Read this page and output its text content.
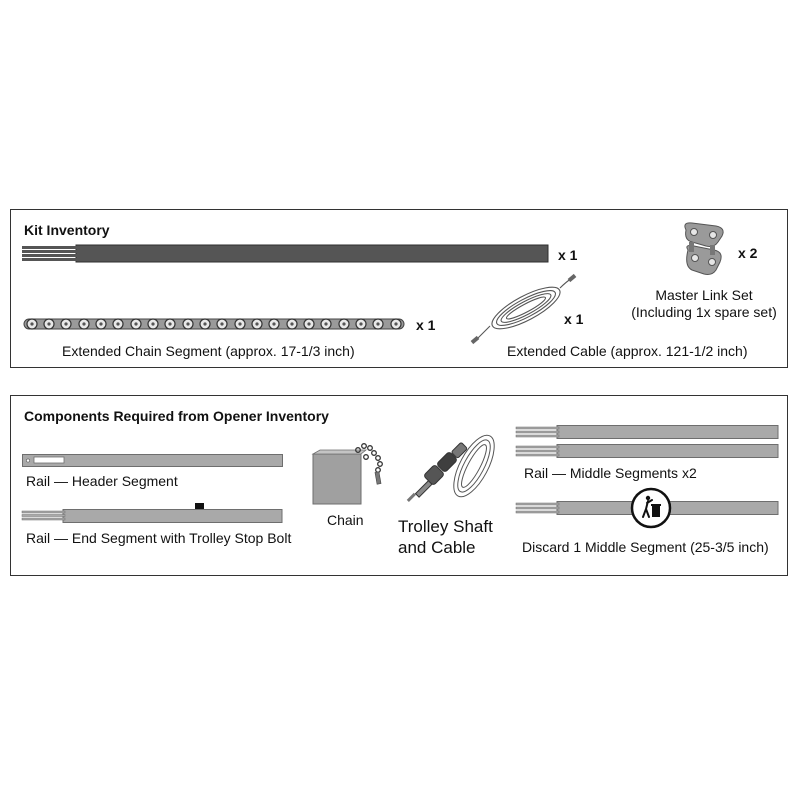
Kit Inventory
x 1
x 1
Extended Chain Segment (approx. 17-1/3 inch)
x 1
Extended Cable (approx. 121-1/2 inch)
x 2
Master Link Set
(Including 1x spare set)
Components Required from Opener Inventory
Rail — Header Segment
Rail — End Segment with Trolley Stop Bolt
Chain Trolley Shaft
and Cable
Rail — Middle Segments x2
Discard 1 Middle Segment (25-3/5 inch)
